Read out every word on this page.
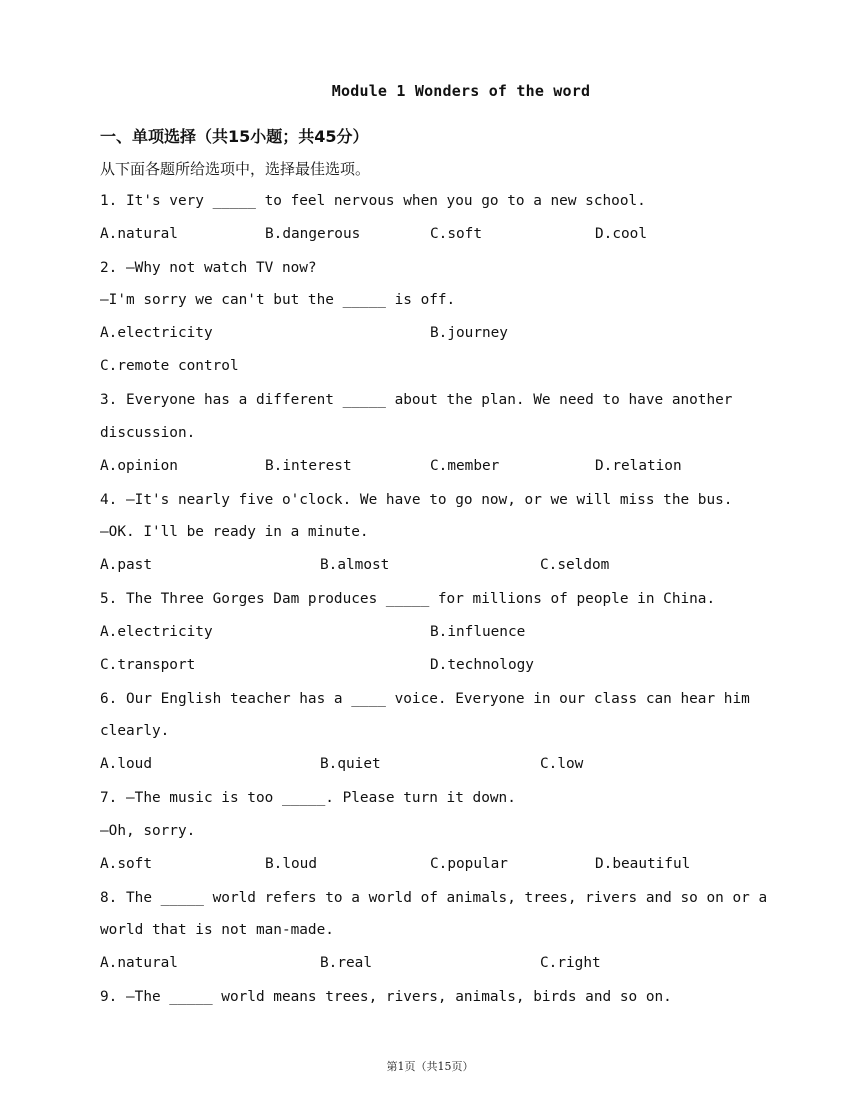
Module 1 Wonders of the word
一、单项选择（共15小题；共45分）
从下面各题所给选项中，选择最佳选项。
1. It's very _____ to feel nervous when you go to a new school.
A.natural	B.dangerous	C.soft	D.cool
2. —Why not watch TV now?
—I'm sorry we can't but the _____ is off.
A.electricity	B.journey
C.remote control
3. Everyone has a different _____ about the plan. We need to have another
discussion.
A.opinion	B.interest	C.member	D.relation
4. —It's nearly five o'clock. We have to go now, or we will miss the bus.
—OK. I'll be ready in a minute.
A.past	B.almost	C.seldom
5. The Three Gorges Dam produces _____ for millions of people in China.
A.electricity	B.influence
C.transport	D.technology
6. Our English teacher has a ____ voice. Everyone in our class can hear him
clearly.
A.loud	B.quiet	C.low
7. —The music is too _____. Please turn it down.
—Oh, sorry.
A.soft	B.loud	C.popular	D.beautiful
8. The _____ world refers to a world of animals, trees, rivers and so on or a
world that is not man-made.
A.natural	B.real	C.right
9. —The _____ world means trees, rivers, animals, birds and so on.
第1页（共15页）
